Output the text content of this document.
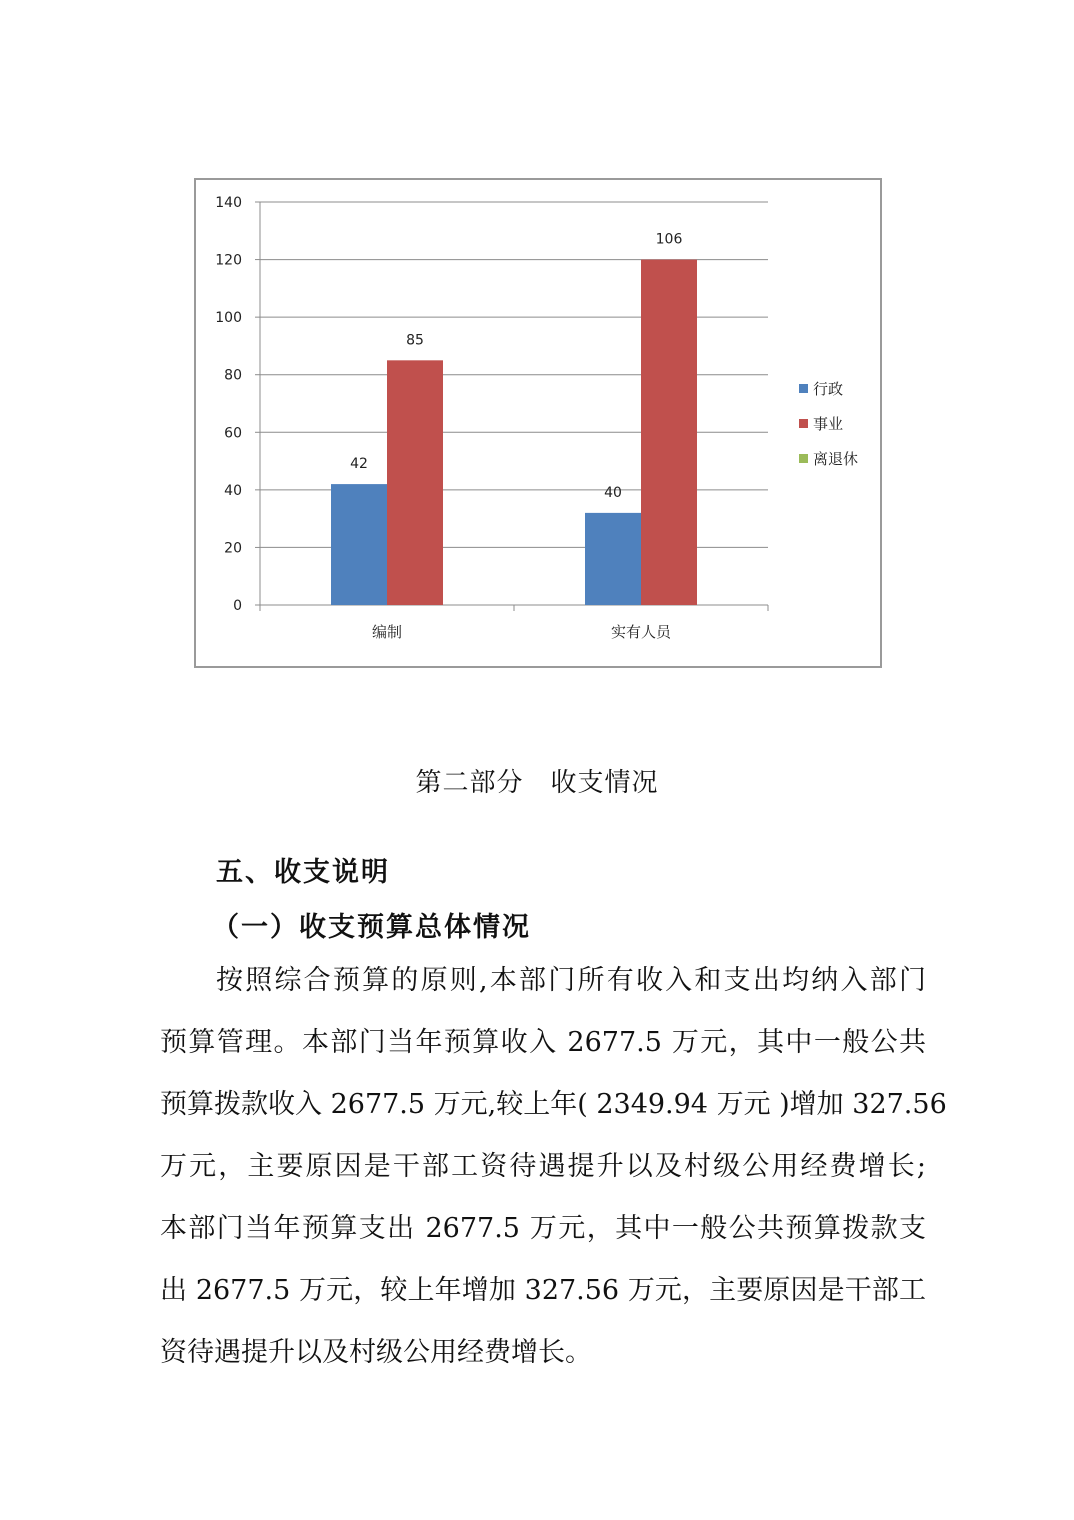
0
20
40
60
80
100
120
140
42
85
编制
40
106
实有人员
行政
事业
离退休
第二部分　收支情况
五、收支说明
（一）收支预算总体情况
按照综合预算的原则,本部门所有收入和支出均纳入部门
预算管理。本部门当年预算收入 2677.5 万元，其中一般公共
预算拨款收入 2677.5 万元,较上年( 2349.94 万元 )增加 327.56
万元，主要原因是干部工资待遇提升以及村级公用经费增长;
本部门当年预算支出 2677.5 万元，其中一般公共预算拨款支
出 2677.5 万元，较上年增加 327.56 万元，主要原因是干部工
资待遇提升以及村级公用经费增长。
